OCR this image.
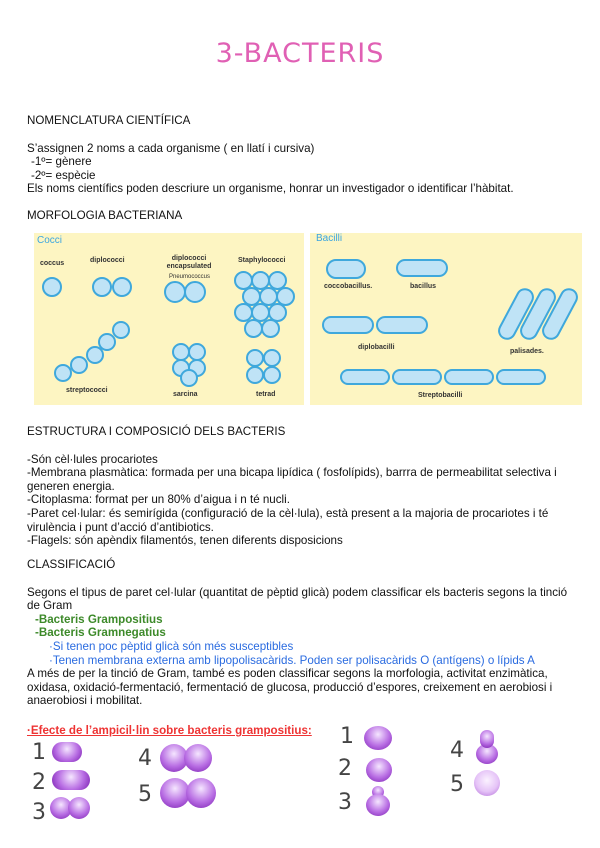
3-BACTERIS
NOMENCLATURA CIENTÍFICA
S’assignen 2 noms a cada organisme ( en llatí i cursiva)
-1º= gènere
-2º= espècie
Els noms científics poden descriure un organisme, honrar un investigador o identificar l’hàbitat.
MORFOLOGIA BACTERIANA
Cocci
coccus	diplococci	diplococci encapsulated
Pneumococcus
Staphylococci
streptococci
sarcina	tetrad
Bacilli
coccobacillus.	bacillus
diplobacilli
palisades.
Streptobacilli
ESTRUCTURA I COMPOSICIÓ DELS BACTERIS
-Són cèl·lules procariotes
-Membrana plasmàtica: formada per una bicapa lipídica ( fosfolípids), barrra de permeabilitat selectiva i generen energia.
-Citoplasma: format per un 80% d’aigua i n té nucli.
-Paret cel·lular: és semirígida (configuració de la cèl·lula), està present a la majoria de procariotes i té virulència i punt d’acció d’antibiotics.
-Flagels: són apèndix filamentós, tenen diferents disposicions
CLASSIFICACIÓ
Segons el tipus de paret cel·lular (quantitat de pèptid glicà) podem classificar els bacteris segons la tinció de Gram
-Bacteris Grampositius
-Bacteris Gramnegatius
·Si tenen poc pèptid glicà són més susceptibles
·Tenen membrana externa amb lipopolisacàrids. Poden ser polisacàrids O (antígens) o lípids A
A més de per la tinció de Gram, també es poden classificar segons la morfologia, activitat enzimàtica, oxidasa, oxidació-fermentació, fermentació de glucosa, producció d’espores, creixement en aerobiosi i anaerobiosi i mobilitat.
·Efecte de l’ampicil·lin sobre bacteris grampositius:
1
2
3
4
5
1
2
3
4
5
